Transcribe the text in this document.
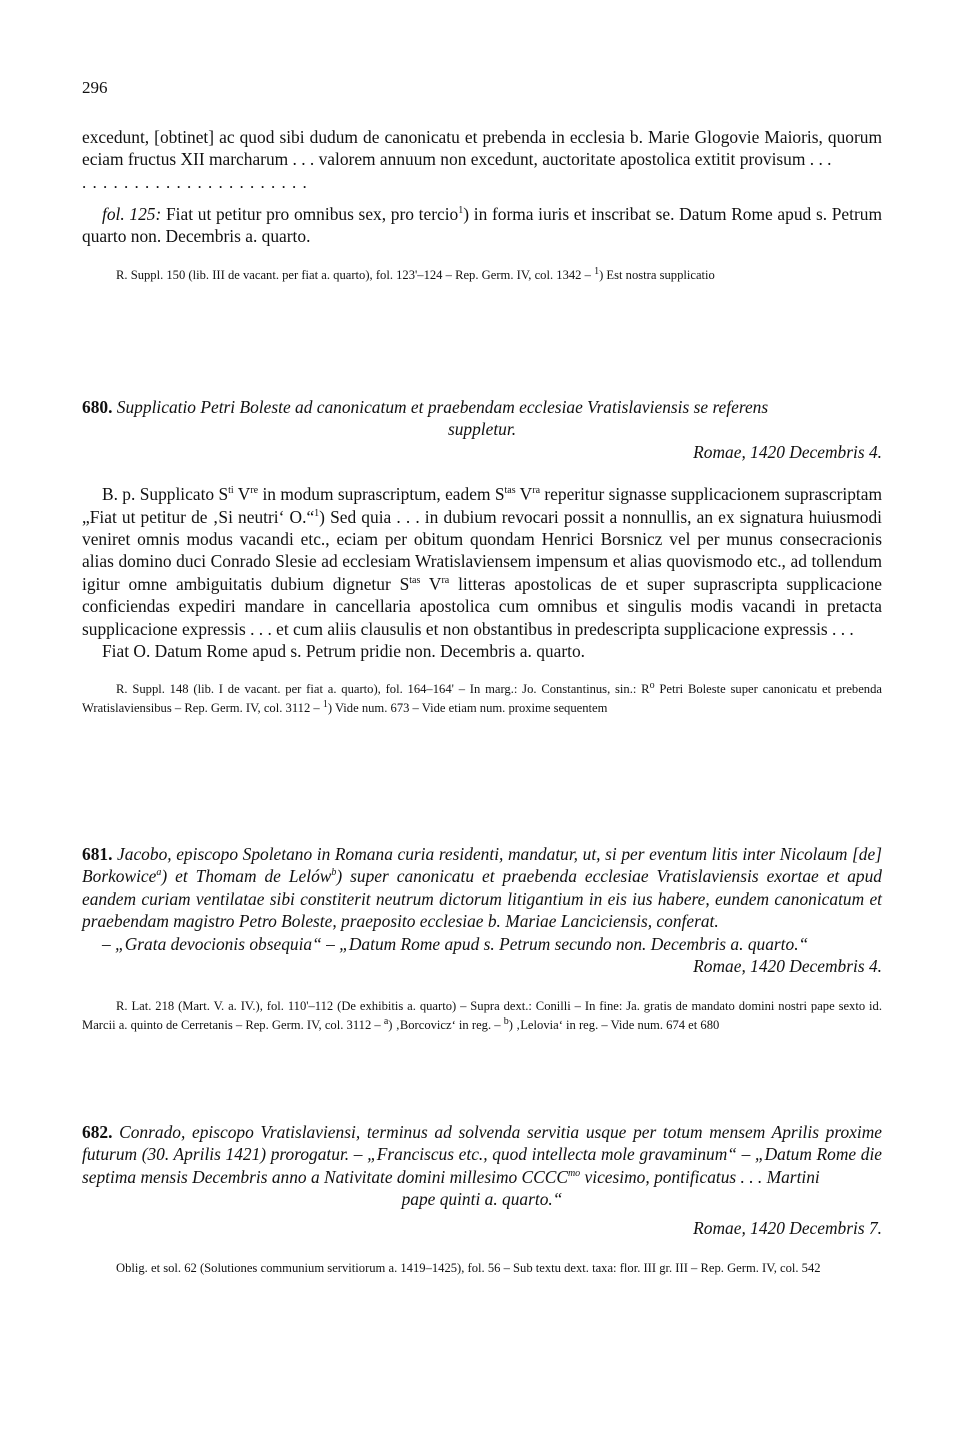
296

excedunt, [obtinet] ac quod sibi dudum de canonicatu et prebenda in ecclesia b. Marie Glogovie Maioris, quorum eciam fructus XII marcharum . . . valorem annuum non excedunt, auctoritate apostolica extitit provisum . . .

. . . . . . . . . . . . . . . . . . . . . .

fol. 125: Fiat ut petitur pro omnibus sex, pro tercio$^1$) in forma iuris et inscribat se. Datum Rome apud s. Petrum quarto non. Decembris a. quarto.

R. Suppl. 150 (lib. III de vacant. per fiat a. quarto), fol. 123'–124 – Rep. Germ. IV, col. 1342 – $^1$) Est nostra supplicatio

680. Supplicatio Petri Boleste ad canonicatum et praebendam ecclesiae Vratislaviensis se referens

suppletur.

Romae, 1420 Decembris 4.

B. p. Supplicato $S^{ti}$ Vre in modum suprascriptum, eadem $S^{tas}$ $V^{ra}$ reperitur signasse supplicacionem suprascriptam „Fiat ut petitur de ‚Si neutri‘ O.“$^1$) Sed quia . . . in dubium revocari possit a nonnullis, an ex signatura huiusmodi veniret omnis modus vacandi etc., eciam per obitum quondam Henrici Borsnicz vel per munus consecracionis alias domino duci Conrado Slesie ad ecclesiam Wratislaviensem impensum et alias quovismodo etc., ad tollendum igitur omne ambiguitatis dubium dignetur $S^{tas}$ $V^{ra}$ litteras apostolicas de et super suprascripta supplicacione conficiendas expediri mandare in cancellaria apostolica cum omnibus et singulis modis vacandi in pretacta supplicacione expressis . . . et cum aliis clausulis et non obstantibus in predescripta supplicacione expressis . . .

Fiat O. Datum Rome apud s. Petrum pridie non. Decembris a. quarto.

R. Suppl. 148 (lib. I de vacant. per fiat a. quarto), fol. 164–164' – In marg.: Jo. Constantinus, sin.: $R^o$ Petri Boleste super canonicatu et prebenda Wratislaviensibus – Rep. Germ. IV, col. 3112 – $^1$) Vide num. 673 – Vide etiam num. proxime sequentem

681. Jacobo, episcopo Spoletano in Romana curia residenti, mandatur, ut, si per eventum litis inter Nicolaum [de] Borkowice$^a$) et Thomam de Lelów$^b$) super canonicatu et praebenda ecclesiae Vratislaviensis exortae et apud eandem curiam ventilatae sibi constiterit neutrum dictorum litigantium in eis ius habere, eundem canonicatum et praebendam magistro Petro Boleste, praeposito ecclesiae b. Mariae Lanciciensis, conferat.

– „Grata devocionis obsequia“ – „Datum Rome apud s. Petrum secundo non. Decembris a. quarto.“

Romae, 1420 Decembris 4.

R. Lat. 218 (Mart. V. a. IV.), fol. 110'–112 (De exhibitis a. quarto) – Supra dext.: Conilli – In fine: Ja. gratis de mandato domini nostri pape sexto id. Marcii a. quinto de Cerretanis – Rep. Germ. IV, col. 3112 – $^a$) ‚Borcovicz‘ in reg. – $^b$) ‚Lelovia‘ in reg. – Vide num. 674 et 680

682. Conrado, episcopo Vratislaviensi, terminus ad solvenda servitia usque per totum mensem Aprilis proxime futurum (30. Aprilis 1421) prorogatur. – „Franciscus etc., quod intellecta mole gravaminum“ – „Datum Rome die septima mensis Decembris anno a Nativitate domini millesimo $CCCC^{mo}$ vicesimo, pontificatus . . . Martini

pape quinti a. quarto.“

Romae, 1420 Decembris 7.

Oblig. et sol. 62 (Solutiones communium servitiorum a. 1419–1425), fol. 56 – Sub textu dext. taxa: flor. III gr. III – Rep. Germ. IV, col. 542
